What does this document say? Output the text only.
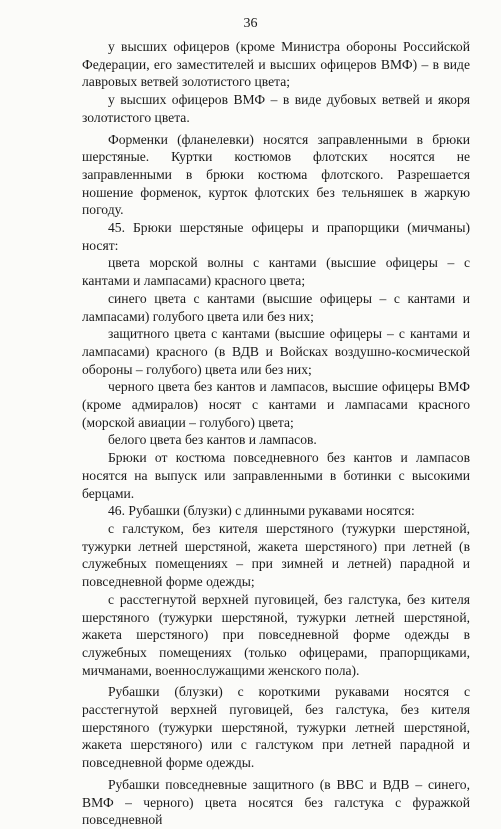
36

у высших офицеров (кроме Министра обороны Российской Федерации, его заместителей и высших офицеров ВМФ) – в виде лавровых ветвей золотистого цвета;

у высших офицеров ВМФ – в виде дубовых ветвей и якоря золотистого цвета.

Форменки (фланелевки) носятся заправленными в брюки шерстяные. Куртки костюмов флотских носятся не заправленными в брюки костюма флотского. Разрешается ношение форменок, курток флотских без тельняшек в жаркую погоду.

45. Брюки шерстяные офицеры и прапорщики (мичманы) носят:

цвета морской волны с кантами (высшие офицеры – с кантами и лампасами) красного цвета;

синего цвета с кантами (высшие офицеры – с кантами и лампасами) голубого цвета или без них;

защитного цвета с кантами (высшие офицеры – с кантами и лампасами) красного (в ВДВ и Войсках воздушно-космической обороны – голубого) цвета или без них;

черного цвета без кантов и лампасов, высшие офицеры ВМФ (кроме адмиралов) носят с кантами и лампасами красного (морской авиации – голубого) цвета;

белого цвета без кантов и лампасов.

Брюки от костюма повседневного без кантов и лампасов носятся на выпуск или заправленными в ботинки с высокими берцами.

46. Рубашки (блузки) с длинными рукавами носятся:

с галстуком, без кителя шерстяного (тужурки шерстяной, тужурки летней шерстяной, жакета шерстяного) при летней (в служебных помещениях – при зимней и летней) парадной и повседневной форме одежды;

с расстегнутой верхней пуговицей, без галстука, без кителя шерстяного (тужурки шерстяной, тужурки летней шерстяной, жакета шерстяного) при повседневной форме одежды в служебных помещениях (только офицерами, прапорщиками, мичманами, военнослужащими женского пола).

Рубашки (блузки) с короткими рукавами носятся с расстегнутой верхней пуговицей, без галстука, без кителя шерстяного (тужурки шерстяной, тужурки летней шерстяной, жакета шерстяного) или с галстуком при летней парадной и повседневной форме одежды.

Рубашки повседневные защитного (в ВВС и ВДВ – синего, ВМФ – черного) цвета носятся без галстука с фуражкой повседневной
